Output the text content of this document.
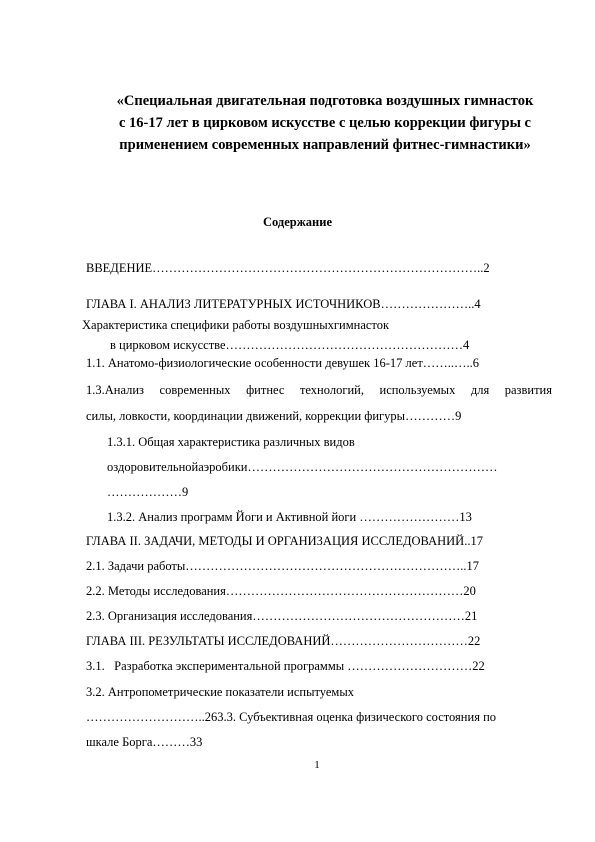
«Специальная двигательная подготовка воздушных гимнасток
с 16-17 лет в цирковом искусстве с целью коррекции фигуры с
применением современных направлений фитнес-гимнастики»
Содержание
ВВЕДЕНИЕ……………………………………………………………………..2
ГЛАВА I. АНАЛИЗ ЛИТЕРАТУРНЫХ ИСТОЧНИКОВ…………………..4
Характеристика специфики работы воздушныхгимнасток
в цирковом искусстве…………………………………………………4
1.1. Анатомо-физиологические особенности девушек 16-17 лет……..…..6
1.3.Анализ современных фитнес технологий, используемых для развития
силы, ловкости, координации движений, коррекции фигуры…………9
1.3.1. Общая характеристика различных видов
оздоровительнойаэробики……………………………………………………
………………9
1.3.2. Анализ программ Йоги и Активной йоги ……………………13
ГЛАВА II. ЗАДАЧИ, МЕТОДЫ И ОРГАНИЗАЦИЯ ИССЛЕДОВАНИЙ..17
2.1. Задачи работы…………………………………………………………..17
2.2. Методы исследования…………………………………………………20
2.3. Организация исследования……………………………………………21
ГЛАВА III. РЕЗУЛЬТАТЫ ИССЛЕДОВАНИЙ……………………………22
3.1.   Разработка экспериментальной программы …………………………22
3.2. Антропометрические показатели испытуемых
………………………..263.3. Субъективная оценка физического состояния по
шкале Борга………33
1
